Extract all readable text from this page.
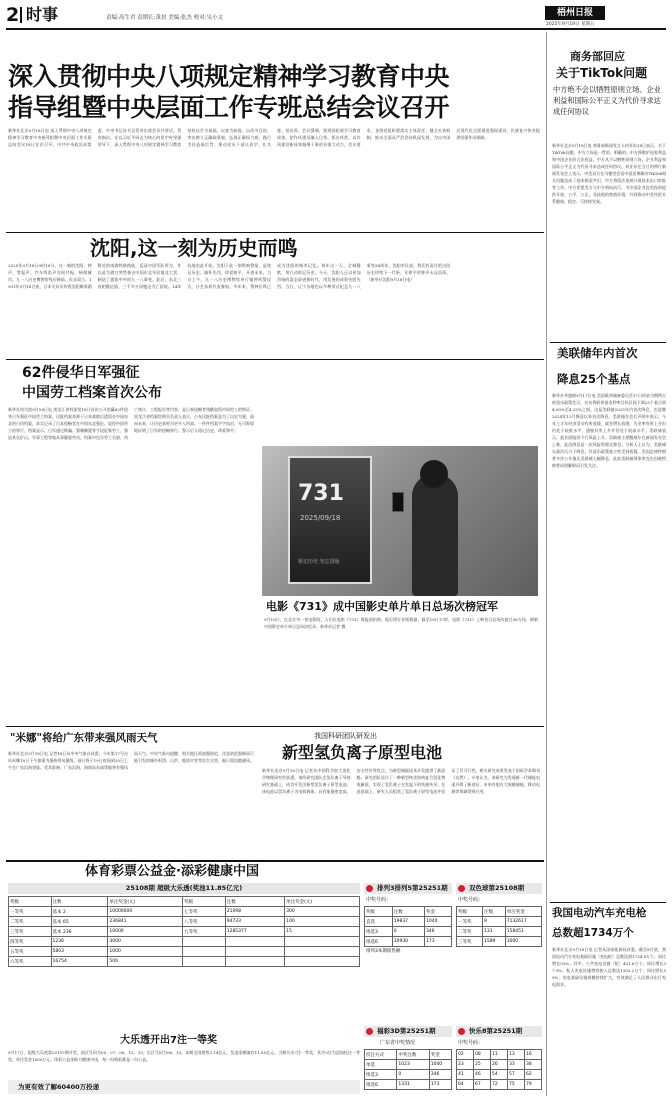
2 时事	责编:高生君 责期长:黄晨 美编:张杰 校对:吴小文	梧州日报
2025年9月19日 星期五
深入贯彻中央八项规定精神学习教育中央
指导组暨中央层面工作专班总结会议召开
新华社北京9月18日电 深入贯彻中央八项规定精神学习教育中央指导组暨中央层面工作专班总结会议18日在京召开。中共中央政治局常委、中央书记处书记蔡奇出席会议并讲话。蔡奇指出，在以习近平同志为核心的党中央坚强领导下，深入贯彻中央八项规定精神学习教育坚持以学为基础、以查为前提、以改为目的，突出树立正确政绩观、弘扬正确权力观、践行为民造福宗旨，推动党员干部认真学、扎实查、坚决改。会议强调，要巩固拓展学习教育成果，把作风建设融入日常、抓在经常，以作风建设新成效凝聚干事创业强大动力。会议要求，各级党组织要落实主体责任，健全长效机制，推动全面从严治党向纵深发展，为以中国式现代化全面推进强国建设、民族复兴伟业提供坚强作风保障。
沈阳,这一刻为历史而鸣
2025年9月18日9时18分，这一刻的沈阳，钟声、警报声、汽车鸣笛声交织共振，响彻城市。九一八历史博物馆残历碑前，民众肃立。1931年9月18日夜，日本关东军炸毁沈阳柳条湖附近的南满铁路路轨，反诬中国军队所为，并以此为借口突然袭击中国东北军驻地北大营，制造了震惊中外的九一八事变。此后，东北三省相继沦陷，三千多万同胞沦为亡国奴。14年抗战由此开始。沈阳于此一刻鸣响警报，是铭记历史、缅怀先烈、珍爱和平、开创未来。当日上午，九一八历史博物馆举行撞钟鸣警仪式，社会各界代表参加。多年来，警钟长鸣已成为沈阳的城市记忆。每年这一天，全城静默，用行动铭记历史。今天，沈阳人正以更加昂扬的姿态奋进新时代，用发展的成果告慰先烈。当日，辽宁各地也以多种形式纪念九一八事变94周年。沈阳市民说，我们有责任把这段历史讲给下一代听，让和平的钟声永远回荡。（新华社沈阳9月18日电）
62件侵华日军强征
中国劳工档案首次公布
新华社哈尔滨9月18日电 黑龙江省档案馆18日首次公开馆藏62件侵华日军强征中国劳工档案。这批档案来源于日本战败后遗留在中国东北的日伪档案，真实记录了日本侵略者在中国东北强征、奴役中国劳工的罪行。档案显示，日军通过欺骗、强制摊派等手段征集劳工，强迫其在矿山、军事工程等地从事繁重劳动。档案中包含劳工名册、伤亡统计、工程报告等内容，是日本侵略者残酷奴役中国劳工的铁证。黑龙江省档案馆相关负责人表示，公布这批档案是为了以史为鉴、面向未来，让历史真相为更多人所知。一件件档案字字血泪，无可辩驳地证明了日军的侵略罪行。警示后人铭记历史，珍爱和平。
731
2025/09/18
铭记历史 勿忘国耻
电影《731》成中国影史单片单日总场次榜冠军
9月18日，在北京市一家电影院，人们在电影《731》海报前拍照。据灯塔专业版数据，截至18日17时，电影《731》上映首日总场次超过58万场，刷新中国影史单片单日总场次纪录。新华社记者 摄
"米娜"将给广东带来强风雨天气
新华社北京9月18日电 记者18日从中央气象台获悉，今年第17号台风米娜18日下午加强为强热带风暴级，预计将于19日夜间到20日上午在广东沿海登陆。受其影响，广东沿海、海南岛东部等地将有强风雨天气。中央气象台提醒，相关地区需加强防范，注意防范强降雨可能引发的城乡积涝、山洪、地质灾害等次生灾害，船只需回港避风。
我国科研团队研发出
新型氢负离子原型电池
新华社北京9月18日电 记者从中国科学院大连化学物理研究所获悉，该所研究团队在氢负离子导体研究基础上，成功开发出新型氢负离子原型电池。该电池以氢负离子为电荷载体，具有能量密度高、安全性好等优点，为新型储能技术开发提供了新思路。研究团队设计了一种新型核壳结构复合氢化物电解质，实现了氢负离子在室温下的快速传导。在此基础上，研究人员组装了氢负离子原型电池并验证了其可行性。相关研究成果发表于国际学术期刊《自然》。专家认为，该研究为发展新一代储能电池开辟了新途径，未来有望在大规模储能、移动电源等领域得到应用。
体育彩票公益金·添彩健康中国
25108期 超级大乐透(奖池11.85亿元)
奖级	注数	单注奖金(元)	奖级	注数	单注奖金(元)
一等奖	基本 2	10000000	七等奖	21098	300
二等奖	基本 65	236841	八等奖	94733	100
三等奖	基本 236	10000	九等奖	1285377	15
四等奖	1236	3000			
五等奖	5803	1000			
六等奖	16754	500			
大乐透开出7注一等奖
9月17日，超级大乐透第25107期开奖，前区号码为05、07、08、15、33，后区号码为06、10。本期全国销售3.14亿元，奖池金额滚存11.85亿元。当期开出7注一等奖，其中3注为追加投注一等奖，单注奖金1800万元。体彩公益金助力健康中国，每一份购彩都是一份公益。
为更有效了解60400万投递
排列3排列5第25251期
中奖号码：
奖级	注数	奖金
直选	19837	1040
组选3	0	346
组选6	30930	173
排列3本期销售额：
福彩3D第25251期
广东省中奖情况
投注方式	中奖注数	奖金
单选	1023	1040
组选3	0	346
组选6	1331	173
双色球第25108期
中奖号码：
奖级	注数	单注奖金
一等奖	9	7132617
二等奖	131	158451
三等奖	1589	3000
快乐8第25251期
中奖号码：
02	08	11	13	16
23	25	26	33	38
41	46	54	57	62
64	67	72	75	79
商务部回应
关于TikTok问题
中方绝不会以牺牲原则立场、企业利益和国际公平正义为代价寻求达成任何协议
新华社北京9月18日电 商务部新闻发言人何亚东18日表示，关于TikTok问题，中方立场是一贯的、明确的。中方将维护国家利益和中国企业的合法权益。中方从不以牺牲原则立场、企业利益和国际公平正义为代价寻求达成任何协议。何亚东在当日的例行新闻发布会上表示，中美双方在马德里会谈中就妥善解决TikTok相关问题达成了基本框架共识，中方将依法依规开展技术出口审批等工作。中方希望美方与中方相向而行，为中国企业赴美投资提供开放、公平、公正、非歧视的营商环境，共同推动中美经贸关系健康、稳定、可持续发展。
美联储年内首次
降息25个基点
新华社华盛顿9月17日电 美国联邦储备委员会17日结束为期两天的货币政策会议，宣布将联邦基金利率目标区间下调25个基点到4.00%至4.25%之间。这是美联储2025年内首次降息，也是继2024年12月降息以来首次降息。美联储在会后声明中表示，今年上半年经济活动有所放缓，就业增长放缓，失业率有所上升但仍处于较低水平，通胀有所上升并仍处于较高水平。美联储表示，就业面临的下行风险上升。美联储主席鲍威尔在新闻发布会上称，此次降息是一次风险管理式降息。分析人士认为，美联储在政治压力下降息，其货币政策独立性受到质疑。美国总统特朗普多次公开施压美联储大幅降息，此前美联储理事库克也因被特朗普试图解职而引发关注。
我国电动汽车充电枪
总数超1734万个
新华社北京9月18日电 记者从国家能源局获悉，截至8月底，我国电动汽车充电基础设施（充电枪）总数达到1734.8万个，同比增长53%。其中，公共充电设施（枪）431.6万个，同比增长37.9%；私人充电设施增容接入总数达1303.2万个，同比增长59%，充电基础设施规模持续扩大，有效满足了人民群众出行充电需求。
